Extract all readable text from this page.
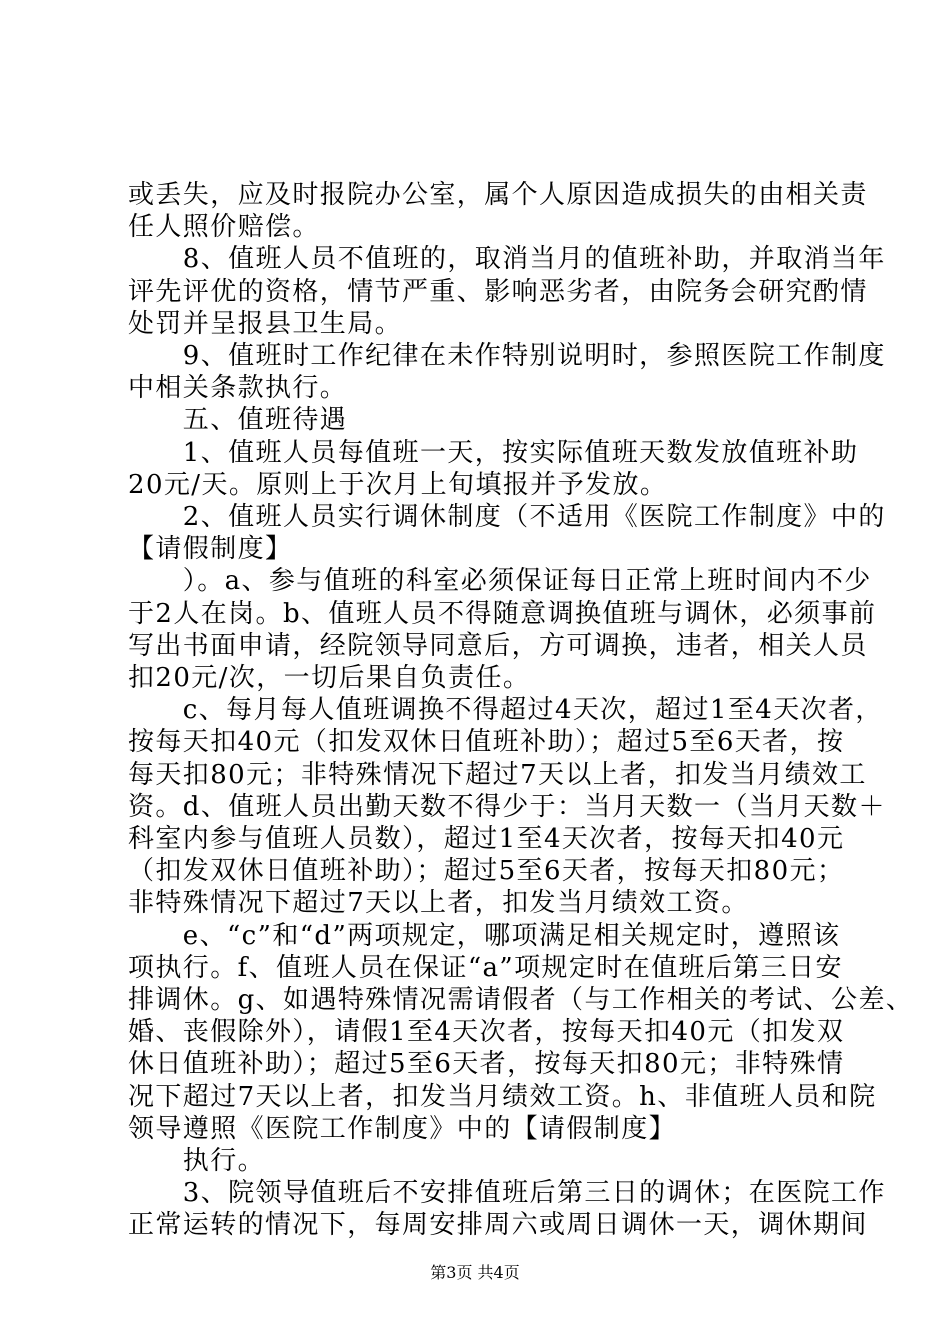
或丢失，应及时报院办公室，属个人原因造成损失的由相关责
任人照价赔偿。
　　8、值班人员不值班的，取消当月的值班补助，并取消当年
评先评优的资格，情节严重、影响恶劣者，由院务会研究酌情
处罚并呈报县卫生局。
　　9、值班时工作纪律在未作特别说明时，参照医院工作制度
中相关条款执行。
　　五、值班待遇
　　1、值班人员每值班一天，按实际值班天数发放值班补助
20元/天。原则上于次月上旬填报并予发放。
　　2、值班人员实行调休制度（不适用《医院工作制度》中的
【请假制度】
　　）。a、参与值班的科室必须保证每日正常上班时间内不少
于2人在岗。b、值班人员不得随意调换值班与调休，必须事前
写出书面申请，经院领导同意后，方可调换，违者，相关人员
扣20元/次，一切后果自负责任。
　　c、每月每人值班调换不得超过4天次，超过1至4天次者，
按每天扣40元（扣发双休日值班补助）；超过5至6天者，按
每天扣80元；非特殊情况下超过7天以上者，扣发当月绩效工
资。d、值班人员出勤天数不得少于：当月天数一（当月天数＋
科室内参与值班人员数），超过1至4天次者，按每天扣40元
（扣发双休日值班补助）；超过5至6天者，按每天扣80元；
非特殊情况下超过7天以上者，扣发当月绩效工资。
　　e、“c”和“d”两项规定，哪项满足相关规定时，遵照该
项执行。f、值班人员在保证“a”项规定时在值班后第三日安
排调休。g、如遇特殊情况需请假者（与工作相关的考试、公差、
婚、丧假除外），请假1至4天次者，按每天扣40元（扣发双
休日值班补助）；超过5至6天者，按每天扣80元；非特殊情
况下超过7天以上者，扣发当月绩效工资。h、非值班人员和院
领导遵照《医院工作制度》中的【请假制度】
　　执行。
　　3、院领导值班后不安排值班后第三日的调休；在医院工作
正常运转的情况下，每周安排周六或周日调休一天，调休期间
第3页 共4页
